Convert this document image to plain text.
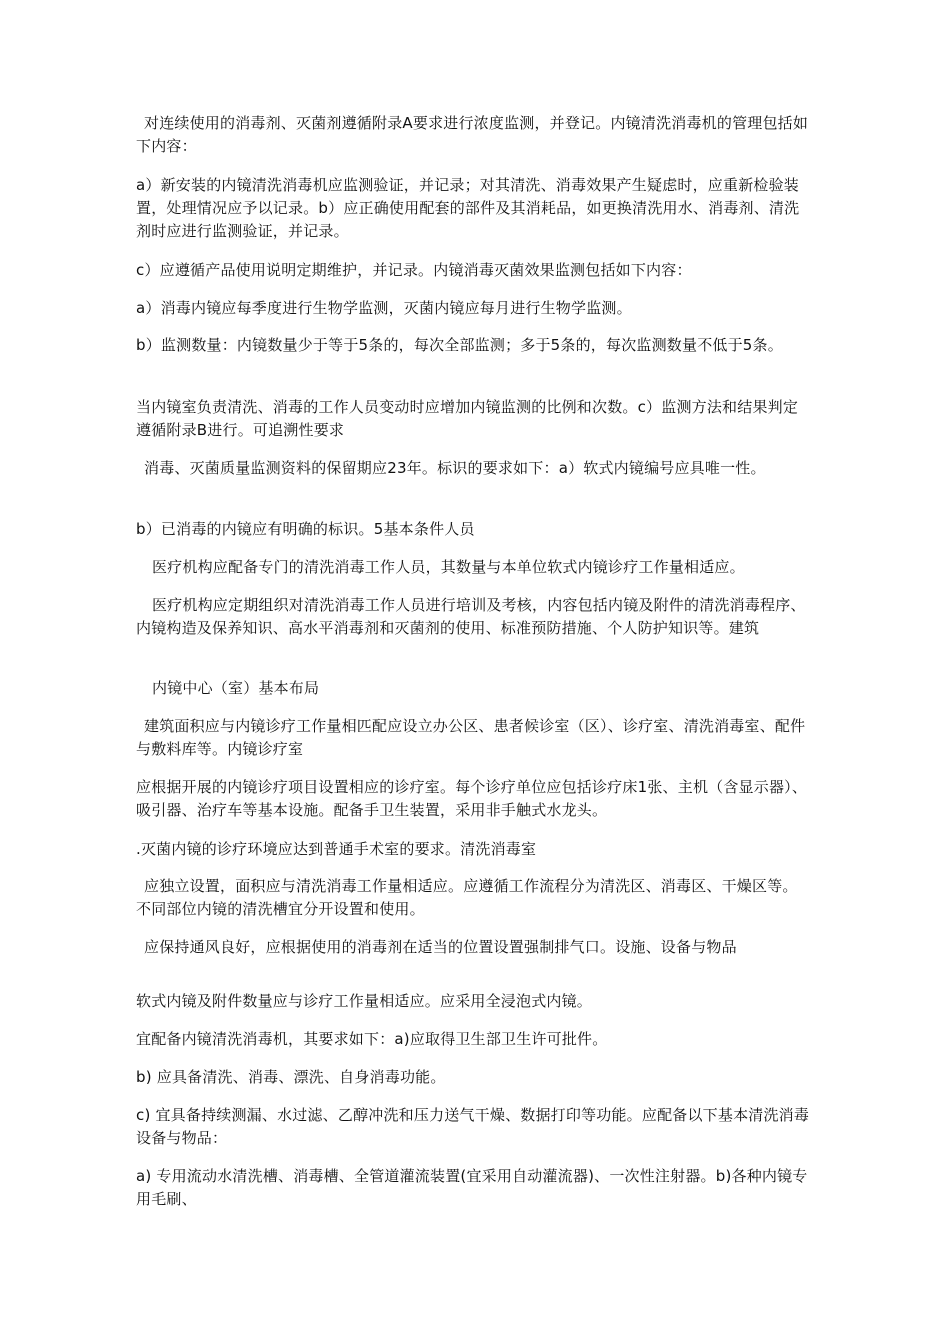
对连续使用的消毒剂、灭菌剂遵循附录A要求进行浓度监测，并登记。内镜清洗消毒机的管理包括如下内容：

a）新安装的内镜清洗消毒机应监测验证，并记录；对其清洗、消毒效果产生疑虑时，应重新检验装置，处理情况应予以记录。b）应正确使用配套的部件及其消耗品，如更换清洗用水、消毒剂、清洗剂时应进行监测验证，并记录。

c）应遵循产品使用说明定期维护，并记录。内镜消毒灭菌效果监测包括如下内容：

a）消毒内镜应每季度进行生物学监测，灭菌内镜应每月进行生物学监测。

b）监测数量：内镜数量少于等于5条的，每次全部监测；多于5条的，每次监测数量不低于5条。

当内镜室负责清洗、消毒的工作人员变动时应增加内镜监测的比例和次数。c）监测方法和结果判定遵循附录B进行。可追溯性要求

消毒、灭菌质量监测资料的保留期应23年。标识的要求如下：a）软式内镜编号应具唯一性。

b）已消毒的内镜应有明确的标识。5基本条件人员

医疗机构应配备专门的清洗消毒工作人员，其数量与本单位软式内镜诊疗工作量相适应。

医疗机构应定期组织对清洗消毒工作人员进行培训及考核，内容包括内镜及附件的清洗消毒程序、内镜构造及保养知识、高水平消毒剂和灭菌剂的使用、标准预防措施、个人防护知识等。建筑

内镜中心（室）基本布局

建筑面积应与内镜诊疗工作量相匹配应设立办公区、患者候诊室（区）、诊疗室、清洗消毒室、配件与敷料库等。内镜诊疗室

应根据开展的内镜诊疗项目设置相应的诊疗室。每个诊疗单位应包括诊疗床1张、主机（含显示器）、吸引器、治疗车等基本设施。配备手卫生装置，采用非手触式水龙头。

.灭菌内镜的诊疗环境应达到普通手术室的要求。清洗消毒室

应独立设置，面积应与清洗消毒工作量相适应。应遵循工作流程分为清洗区、消毒区、干燥区等。不同部位内镜的清洗槽宜分开设置和使用。

应保持通风良好，应根据使用的消毒剂在适当的位置设置强制排气口。设施、设备与物品

软式内镜及附件数量应与诊疗工作量相适应。应采用全浸泡式内镜。

宜配备内镜清洗消毒机，其要求如下：a)应取得卫生部卫生许可批件。

b) 应具备清洗、消毒、漂洗、自身消毒功能。

c) 宜具备持续测漏、水过滤、乙醇冲洗和压力送气干燥、数据打印等功能。应配备以下基本清洗消毒设备与物品：

a) 专用流动水清洗槽、消毒槽、全管道灌流装置(宜采用自动灌流器)、一次性注射器。b)各种内镜专用毛刷、
